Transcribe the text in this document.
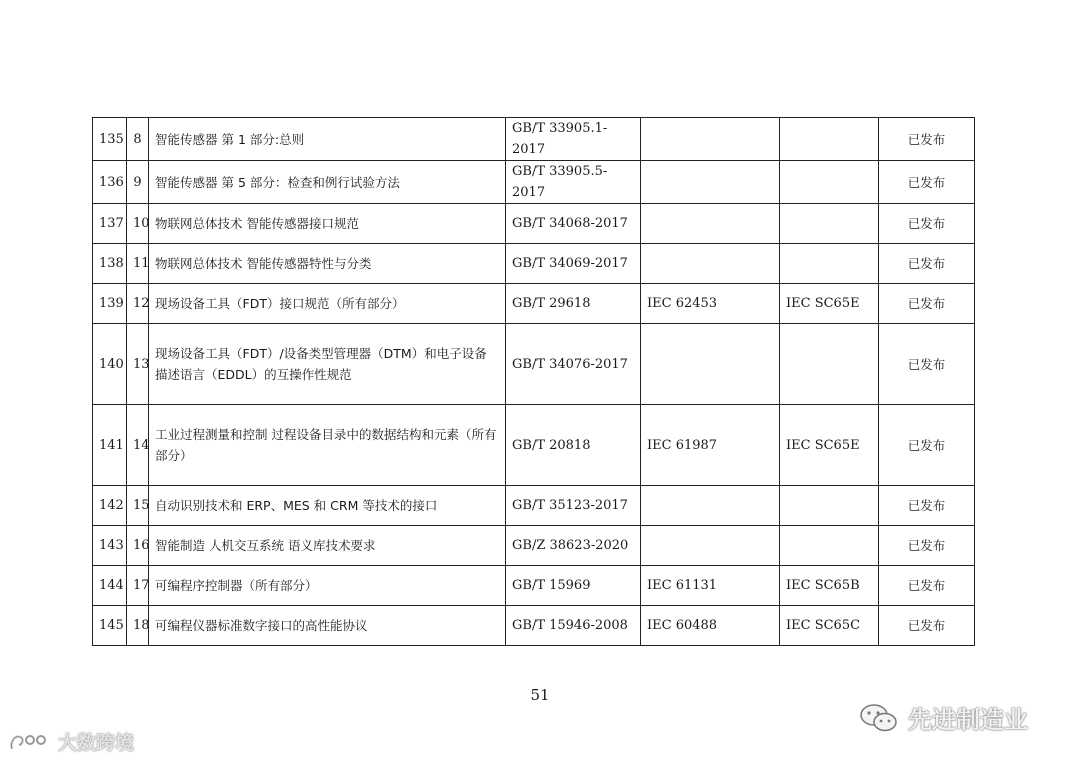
135	8	智能传感器 第 1 部分:总则	GB/T 33905.1-2017			已发布
136	9	智能传感器 第 5 部分：检查和例行试验方法	GB/T 33905.5-2017			已发布
137	10	物联网总体技术 智能传感器接口规范	GB/T 34068-2017			已发布
138	11	物联网总体技术 智能传感器特性与分类	GB/T 34069-2017			已发布
139	12	现场设备工具（FDT）接口规范（所有部分）	GB/T 29618	IEC 62453	IEC SC65E	已发布
140	13	现场设备工具（FDT）/设备类型管理器（DTM）和电子设备描述语言（EDDL）的互操作性规范	GB/T 34076-2017			已发布
141	14	工业过程测量和控制 过程设备目录中的数据结构和元素（所有部分）	GB/T 20818	IEC 61987	IEC SC65E	已发布
142	15	自动识别技术和 ERP、MES 和 CRM 等技术的接口	GB/T 35123-2017			已发布
143	16	智能制造 人机交互系统 语义库技术要求	GB/Z 38623-2020			已发布
144	17	可编程序控制器（所有部分）	GB/T 15969	IEC 61131	IEC SC65B	已发布
145	18	可编程仪器标准数字接口的高性能协议	GB/T 15946-2008	IEC 60488	IEC SC65C	已发布
51
大数跨境
先进制造业
